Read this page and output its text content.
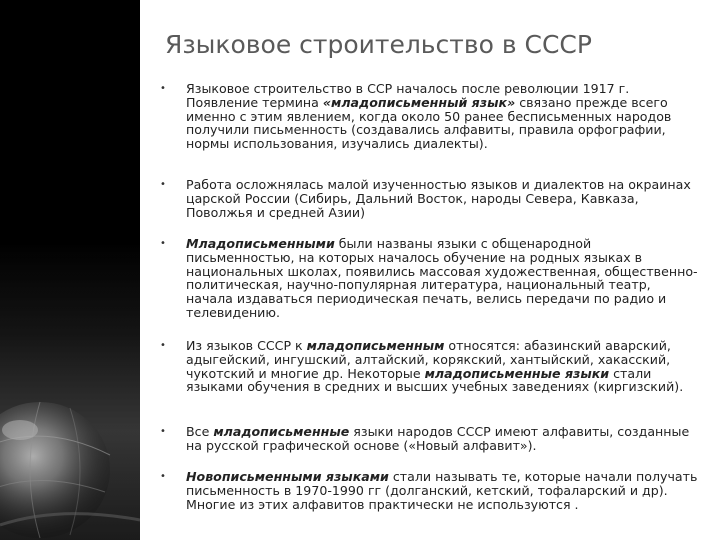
Языковое строительство в СССР
•	Языковое строительство в ССР началось после революции 1917 г. Появление термина «младописьменный язык» связано прежде всего именно с этим явлением, когда около 50 ранее бесписьменных народов получили письменность (создавались алфавиты, правила орфографии, нормы использования, изучались диалекты).
•	Работа осложнялась малой изученностью языков и диалектов на окраинах царской России (Сибирь, Дальний Восток, народы Севера, Кавказа, Поволжья и средней Азии)
•	Младописьменными были названы языки с общенародной письменностью, на которых началось обучение на родных языках в национальных школах, появились массовая художественная, общественно-политическая, научно-популярная литература, национальный театр, начала издаваться периодическая печать, велись передачи по радио и телевидению.
•	Из языков СССР к младописьменным относятся: абазинский аварский, адыгейский, ингушский, алтайский, корякский, хантыйский, хакасский, чукотский и многие др. Некоторые младописьменные языки стали языками обучения в средних и высших учебных заведениях (киргизский).
•	Все младописьменные языки народов СССР имеют алфавиты, созданные на русской графической основе («Новый алфавит»).
•	Новописьменными языками стали называть те, которые начали получать письменность в 1970-1990 гг (долганский, кетский, тофаларский и др). Многие из этих алфавитов практически не используются .
